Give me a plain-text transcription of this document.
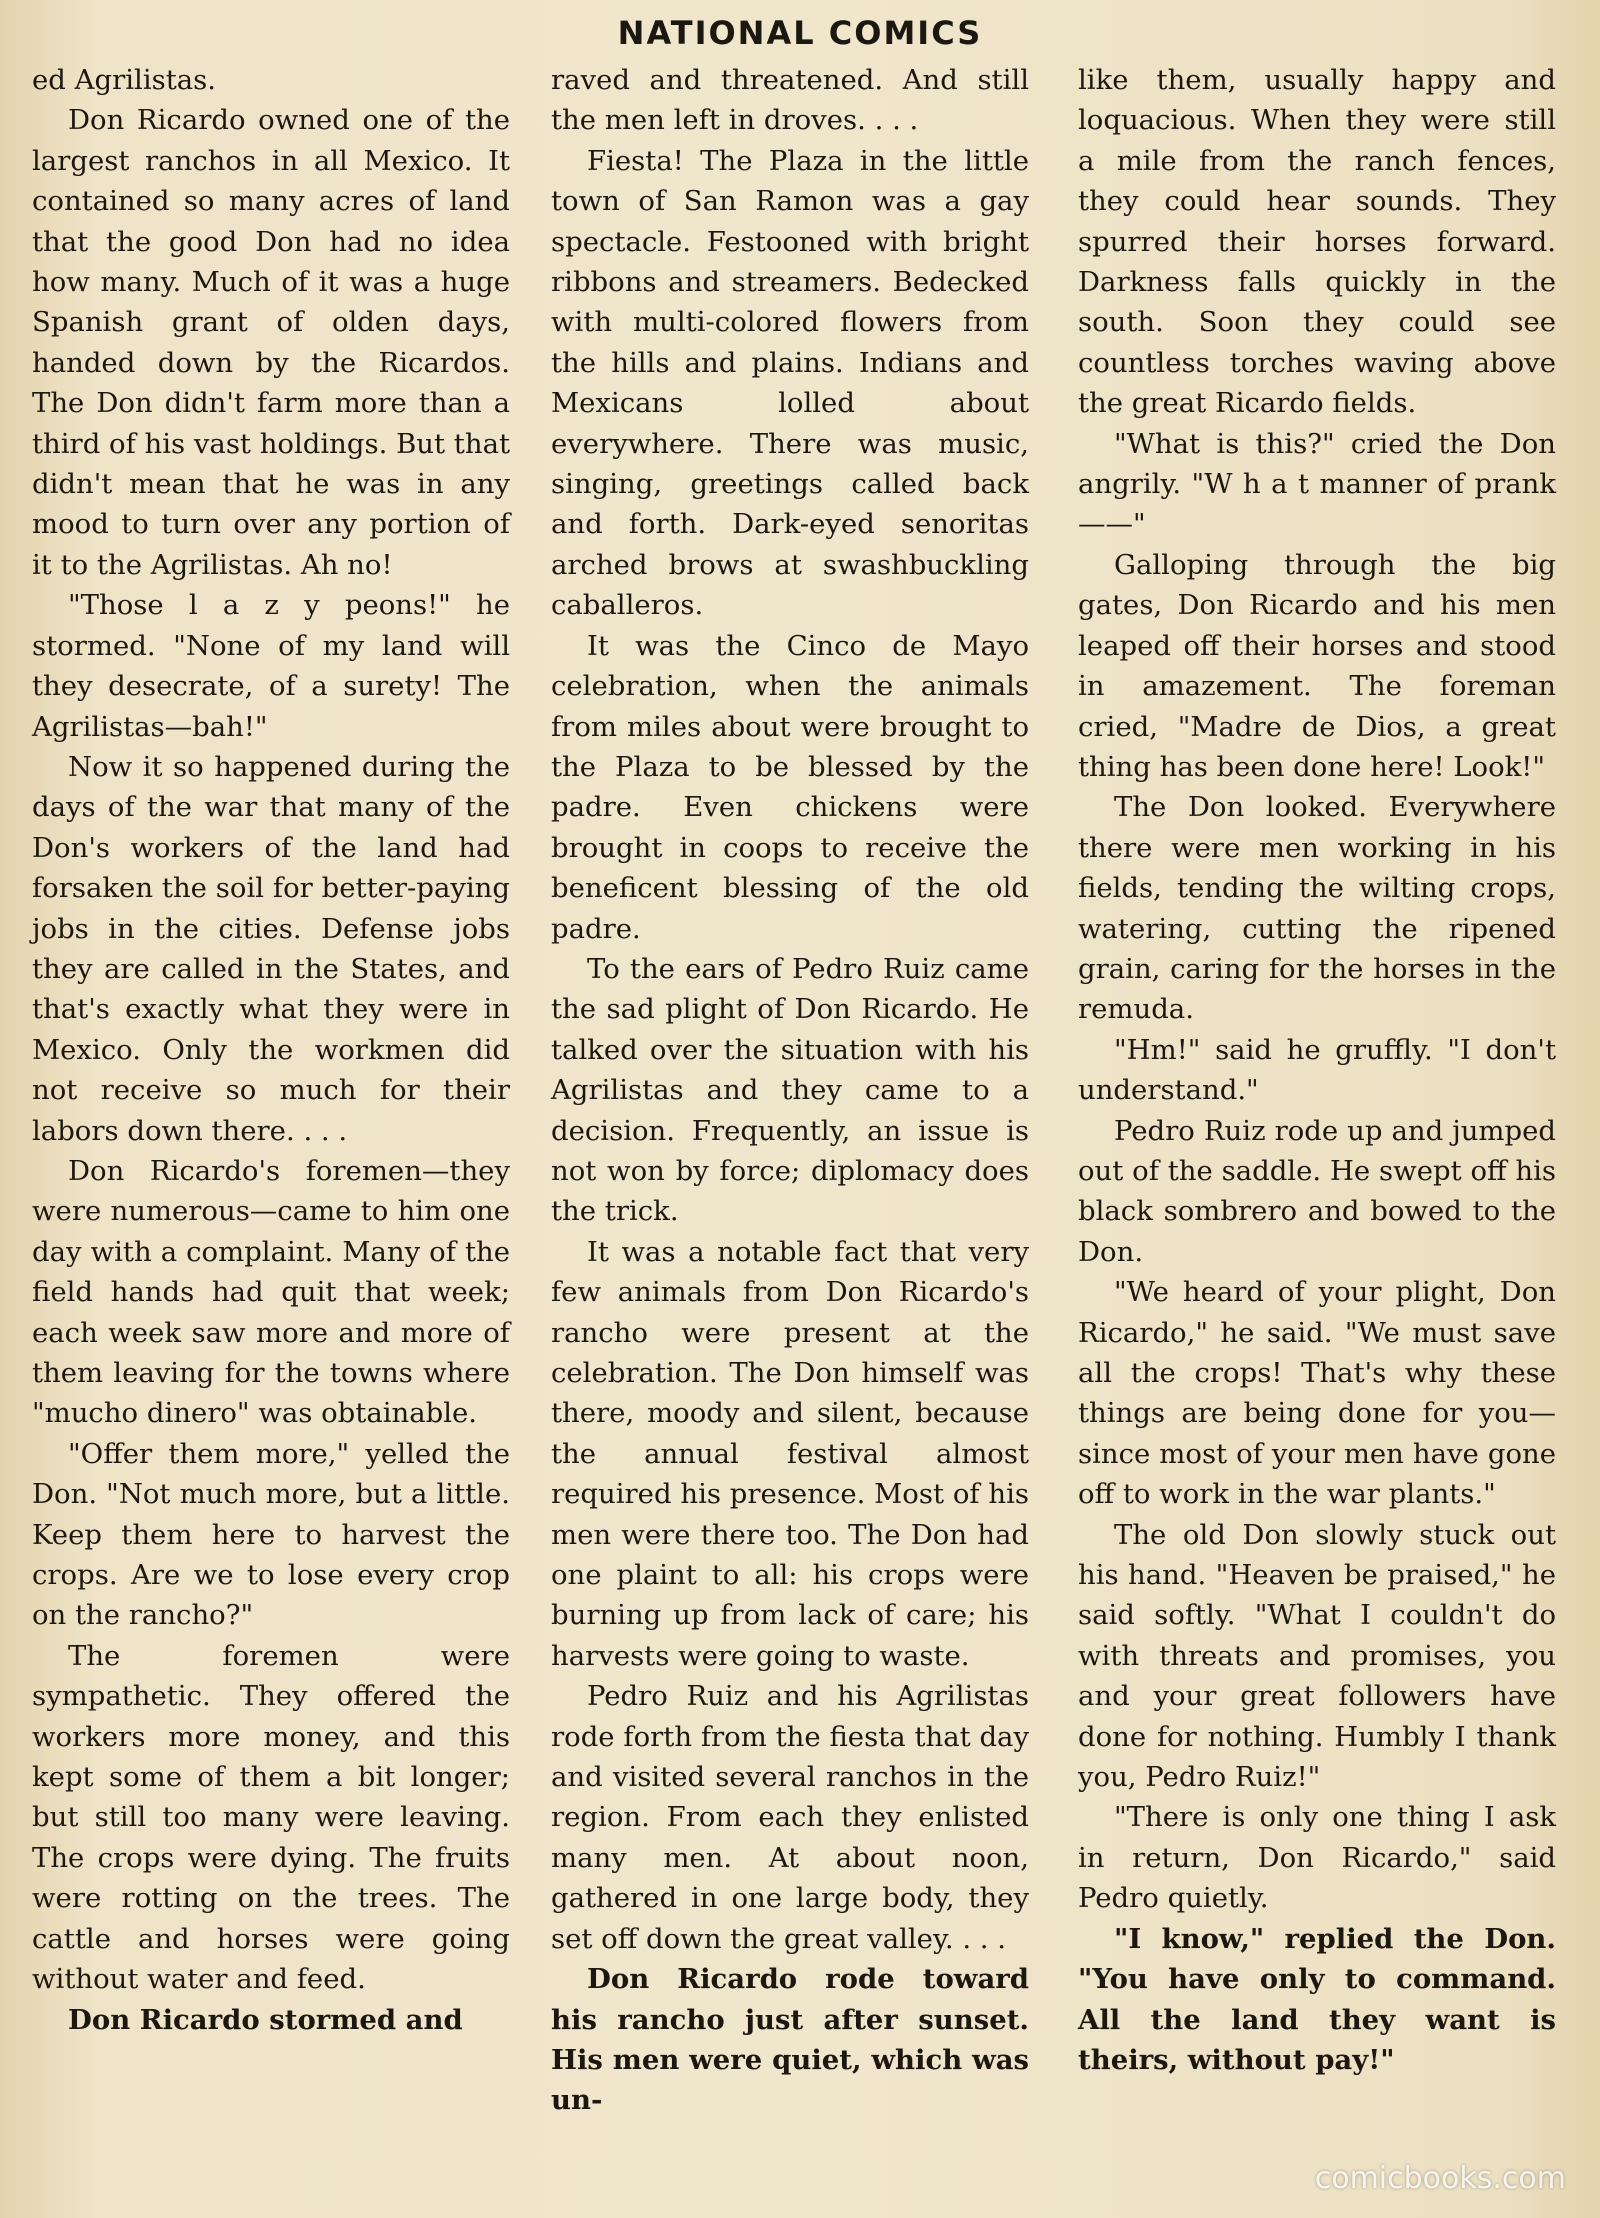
NATIONAL COMICS

ed Agrilistas.

Don Ricardo owned one of the largest ranchos in all Mexico. It contained so many acres of land that the good Don had no idea how many. Much of it was a huge Spanish grant of olden days, handed down by the Ricardos. The Don didn't farm more than a third of his vast holdings. But that didn't mean that he was in any mood to turn over any portion of it to the Agrilistas. Ah no!

"Those l a z y peons!" he stormed. "None of my land will they desecrate, of a surety! The Agrilistas—bah!"

Now it so happened during the days of the war that many of the Don's workers of the land had forsaken the soil for better-paying jobs in the cities. Defense jobs they are called in the States, and that's exactly what they were in Mexico. Only the workmen did not receive so much for their labors down there. . . .

Don Ricardo's foremen—they were numerous—came to him one day with a complaint. Many of the field hands had quit that week; each week saw more and more of them leaving for the towns where "mucho dinero" was obtainable.

"Offer them more," yelled the Don. "Not much more, but a little. Keep them here to harvest the crops. Are we to lose every crop on the rancho?"

The foremen were sympathetic. They offered the workers more money, and this kept some of them a bit longer; but still too many were leaving. The crops were dying. The fruits were rotting on the trees. The cattle and horses were going without water and feed.

Don Ricardo stormed and

raved and threatened. And still the men left in droves. . . .

Fiesta! The Plaza in the little town of San Ramon was a gay spectacle. Festooned with bright ribbons and streamers. Bedecked with multi-colored flowers from the hills and plains. Indians and Mexicans lolled about everywhere. There was music, singing, greetings called back and forth. Dark-eyed senoritas arched brows at swashbuckling caballeros.

It was the Cinco de Mayo celebration, when the animals from miles about were brought to the Plaza to be blessed by the padre. Even chickens were brought in coops to receive the beneficent blessing of the old padre.

To the ears of Pedro Ruiz came the sad plight of Don Ricardo. He talked over the situation with his Agrilistas and they came to a decision. Frequently, an issue is not won by force; diplomacy does the trick.

It was a notable fact that very few animals from Don Ricardo's rancho were present at the celebration. The Don himself was there, moody and silent, because the annual festival almost required his presence. Most of his men were there too. The Don had one plaint to all: his crops were burning up from lack of care; his harvests were going to waste.

Pedro Ruiz and his Agrilistas rode forth from the fiesta that day and visited several ranchos in the region. From each they enlisted many men. At about noon, gathered in one large body, they set off down the great valley. . . .

Don Ricardo rode toward his rancho just after sunset. His men were quiet, which was un-

like them, usually happy and loquacious. When they were still a mile from the ranch fences, they could hear sounds. They spurred their horses forward. Darkness falls quickly in the south. Soon they could see countless torches waving above the great Ricardo fields.

"What is this?" cried the Don angrily. "W h a t manner of prank——"

Galloping through the big gates, Don Ricardo and his men leaped off their horses and stood in amazement. The foreman cried, "Madre de Dios, a great thing has been done here! Look!"

The Don looked. Everywhere there were men working in his fields, tending the wilting crops, watering, cutting the ripened grain, caring for the horses in the remuda.

"Hm!" said he gruffly. "I don't understand."

Pedro Ruiz rode up and jumped out of the saddle. He swept off his black sombrero and bowed to the Don.

"We heard of your plight, Don Ricardo," he said. "We must save all the crops! That's why these things are being done for you—since most of your men have gone off to work in the war plants."

The old Don slowly stuck out his hand. "Heaven be praised," he said softly. "What I couldn't do with threats and promises, you and your great followers have done for nothing. Humbly I thank you, Pedro Ruiz!"

"There is only one thing I ask in return, Don Ricardo," said Pedro quietly.

"I know," replied the Don. "You have only to command. All the land they want is theirs, without pay!"

comicbooks.com
